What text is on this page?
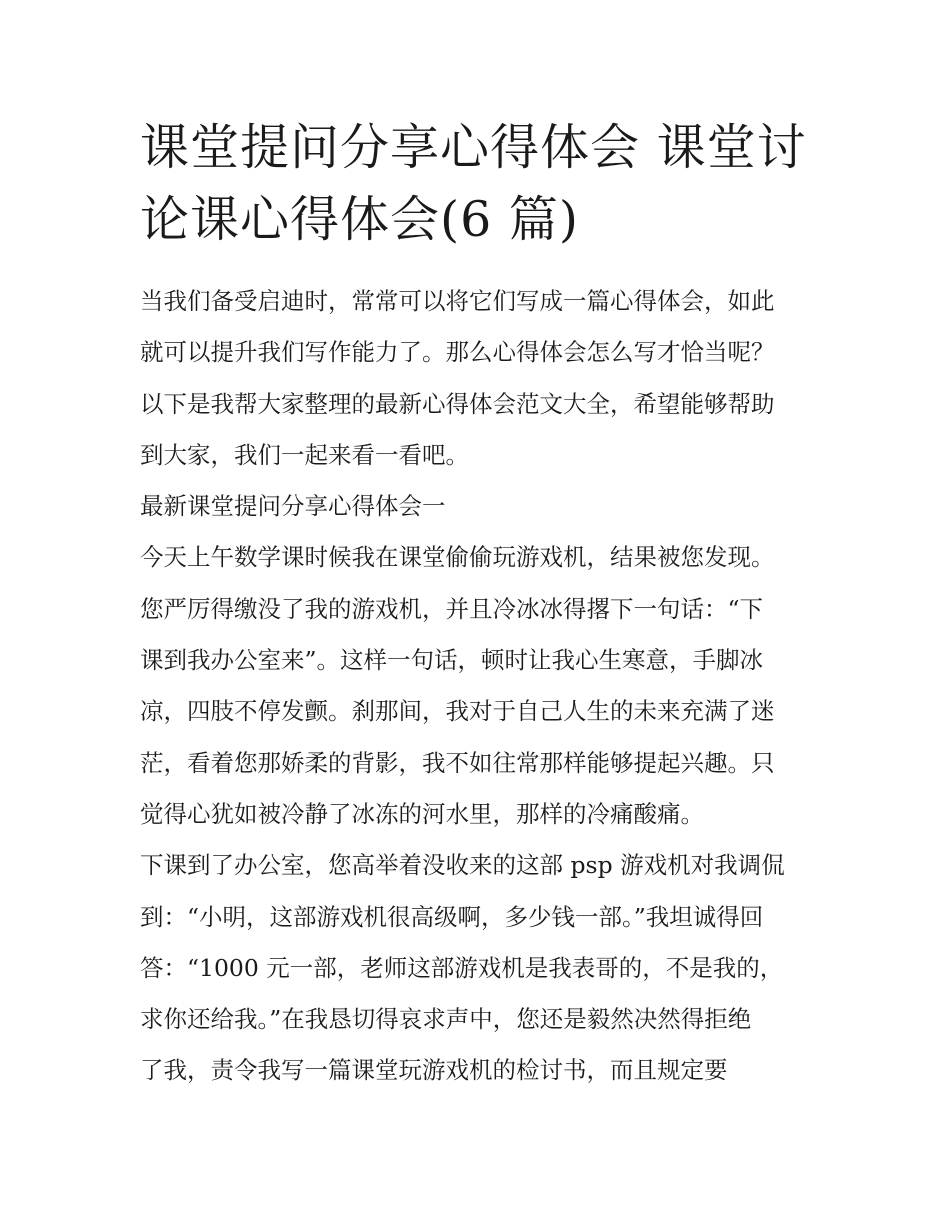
课堂提问分享心得体会 课堂讨
论课心得体会(6 篇)
当我们备受启迪时，常常可以将它们写成一篇心得体会，如此
就可以提升我们写作能力了。那么心得体会怎么写才恰当呢？
以下是我帮大家整理的最新心得体会范文大全，希望能够帮助
到大家，我们一起来看一看吧。
最新课堂提问分享心得体会一
今天上午数学课时候我在课堂偷偷玩游戏机，结果被您发现。
您严厉得缴没了我的游戏机，并且冷冰冰得撂下一句话：“下
课到我办公室来”。这样一句话，顿时让我心生寒意，手脚冰
凉，四肢不停发颤。刹那间，我对于自己人生的未来充满了迷
茫，看着您那娇柔的背影，我不如往常那样能够提起兴趣。只
觉得心犹如被冷静了冰冻的河水里，那样的冷痛酸痛。
下课到了办公室，您高举着没收来的这部 psp 游戏机对我调侃
到：“小明，这部游戏机很高级啊，多少钱一部。”我坦诚得回
答：“1000 元一部，老师这部游戏机是我表哥的，不是我的，
求你还给我。”在我恳切得哀求声中，您还是毅然决然得拒绝
了我，责令我写一篇课堂玩游戏机的检讨书，而且规定要
